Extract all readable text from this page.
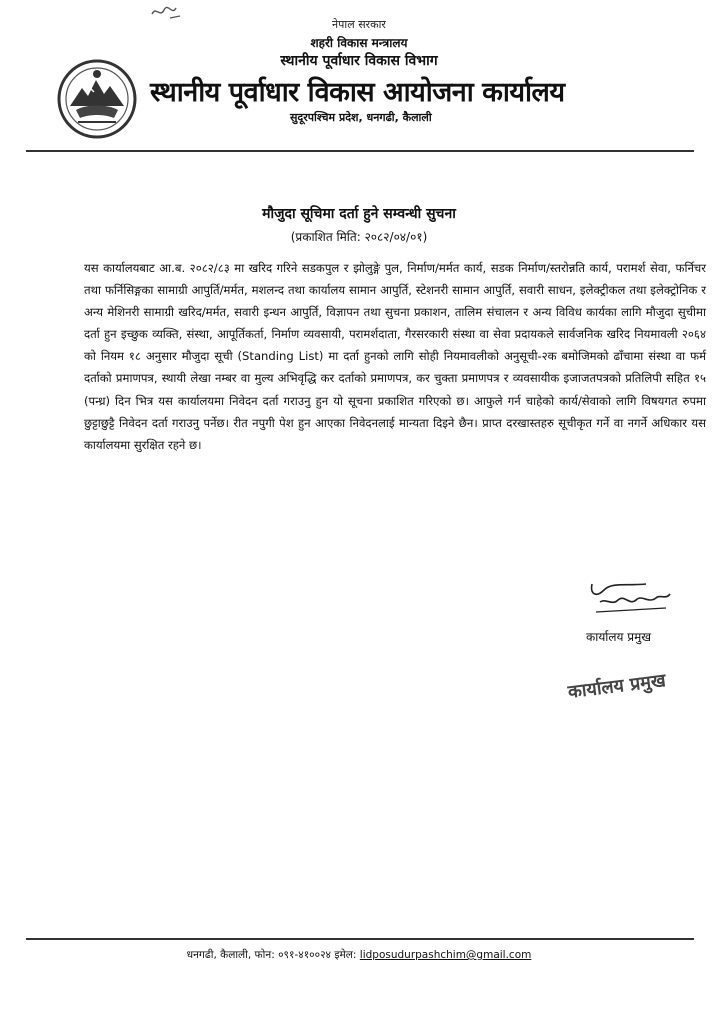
नेपाल सरकार
शहरी विकास मन्त्रालय
स्थानीय पूर्वाधार विकास विभाग
स्थानीय पूर्वाधार विकास आयोजना कार्यालय
सुदूरपश्चिम प्रदेश, धनगढी, कैलाली
मौजुदा सूचिमा दर्ता हुने सम्वन्धी सुचना
(प्रकाशित मिति: २०८२/०४/०१)
यस कार्यालयबाट आ.ब. २०८२/८३ मा खरिद गरिने सडकपुल र झोलुङ्गे पुल, निर्माण/मर्मत कार्य, सडक निर्माण/स्तरोन्नति कार्य, परामर्श सेवा, फर्निचर तथा फर्निसिङ्गका सामाग्री आपुर्ति/मर्मत, मशलन्द तथा कार्यालय सामान आपुर्ति, स्टेशनरी सामान आपुर्ति, सवारी साधन, इलेक्ट्रीकल तथा इलेक्ट्रोनिक र अन्य मेशिनरी सामाग्री खरिद/मर्मत, सवारी इन्धन आपुर्ति, विज्ञापन तथा सुचना प्रकाशन, तालिम संचालन र अन्य विविध कार्यका लागि मौजुदा सुचीमा दर्ता हुन इच्छुक व्यक्ति, संस्था, आपूर्तिकर्ता, निर्माण व्यवसायी, परामर्शदाता, गैरसरकारी संस्था वा सेवा प्रदायकले सार्वजनिक खरिद नियमावली २०६४ को नियम १८ अनुसार मौजुदा सूची (Standing List) मा दर्ता हुनको लागि सोही नियमावलीको अनुसूची-२क बमोजिमको ढाँचामा संस्था वा फर्म दर्ताको प्रमाणपत्र, स्थायी लेखा नम्बर वा मुल्य अभिवृद्धि कर दर्ताको प्रमाणपत्र, कर चुक्ता प्रमाणपत्र र व्यवसायीक इजाजतपत्रको प्रतिलिपी सहित १५ (पन्ध्र) दिन भित्र यस कार्यालयमा निवेदन दर्ता गराउनु हुन यो सूचना प्रकाशित गरिएको छ। आफुले गर्न चाहेको कार्य/सेवाको लागि विषयगत रुपमा छुट्टाछुट्टै निवेदन दर्ता गराउनु पर्नेछ। रीत नपुगी पेश हुन आएका निवेदनलाई मान्यता दिइने छैन। प्राप्त दरखास्तहरु सूचीकृत गर्ने वा नगर्ने अधिकार यस कार्यालयमा सुरक्षित रहने छ।
कार्यालय प्रमुख
कार्यालय प्रमुख
धनगढी, कैलाली, फोन: ०९१-४१००२४ इमेल: lidposudurpashchim@gmail.com
